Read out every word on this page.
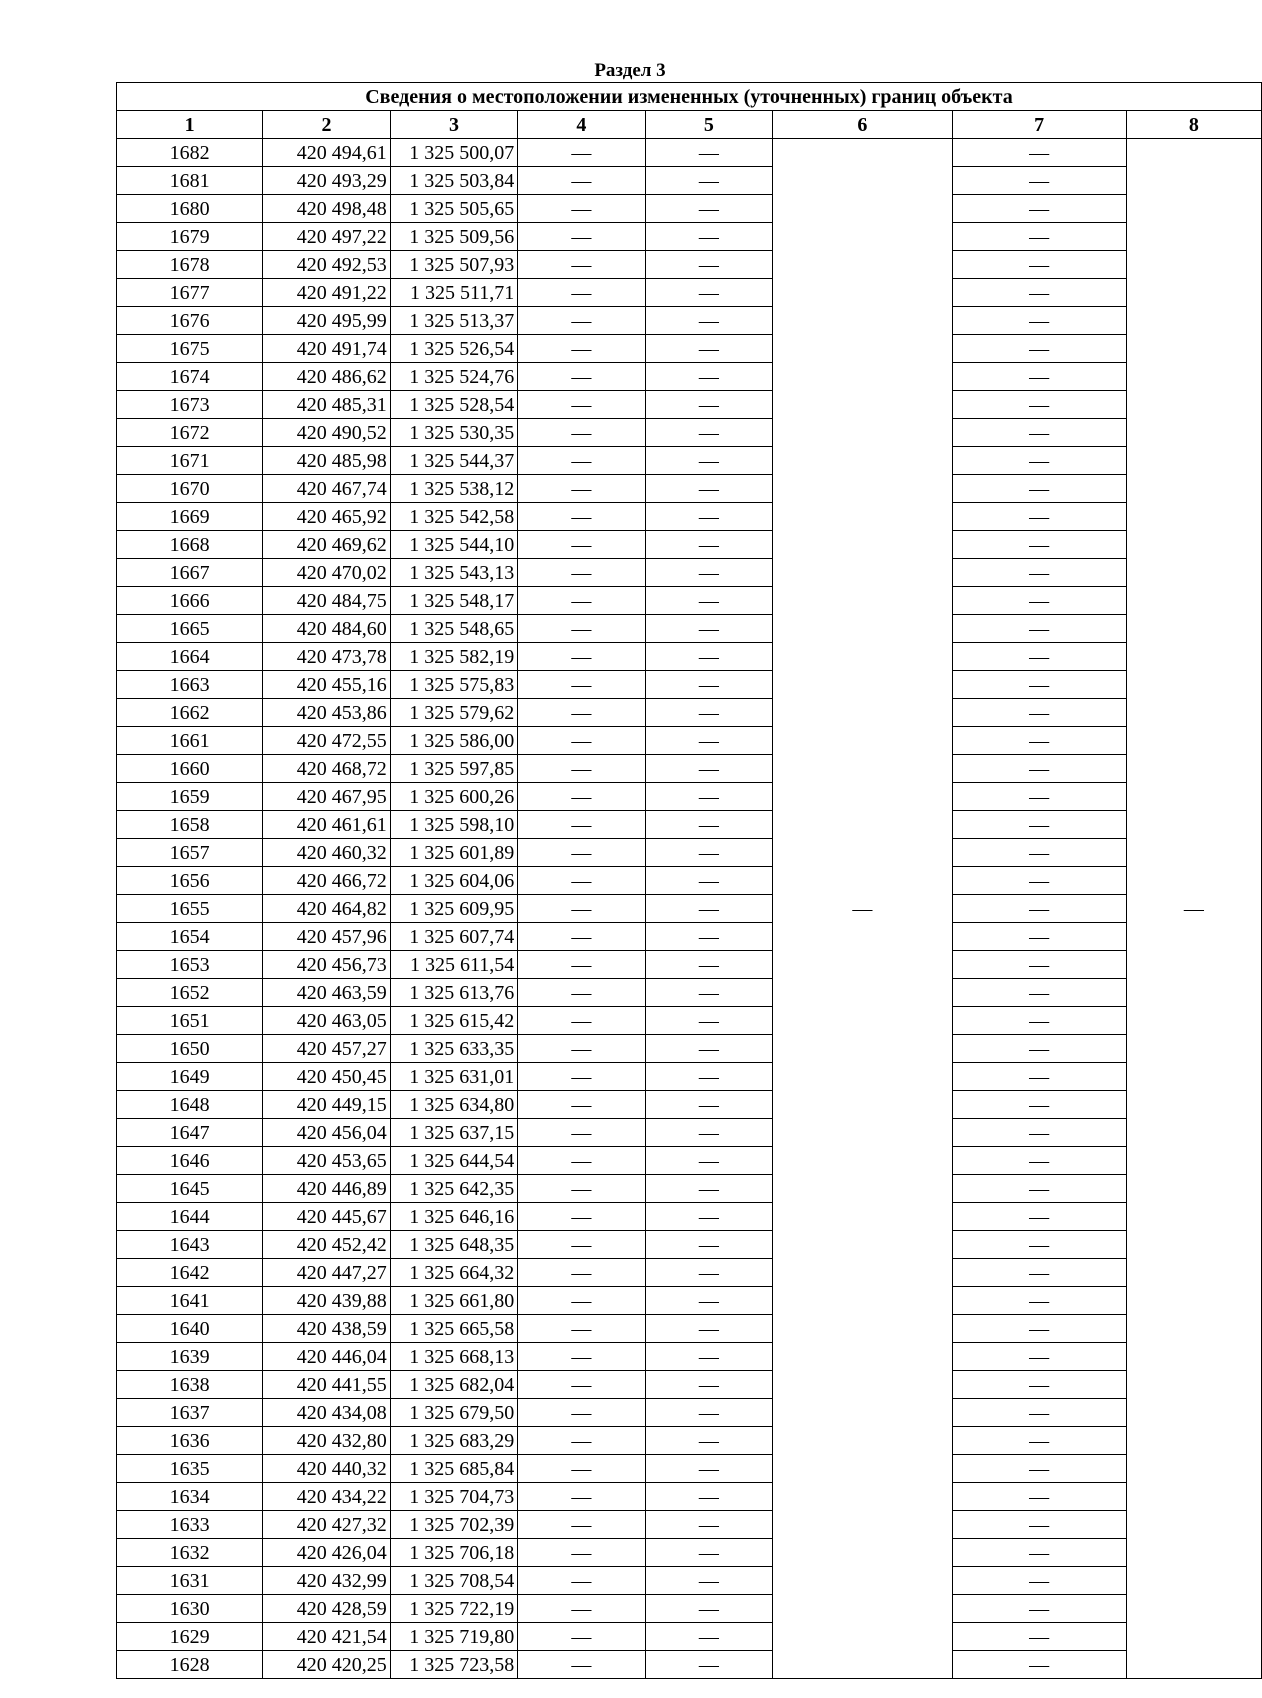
Раздел 3
Сведения о местоположении измененных (уточненных) границ объекта							
1	2	3	4	5	6	7	8
1682	420 494,61	1 325 500,07	—	—	—	—	—
1681	420 493,29	1 325 503,84	—	—		—	
1680	420 498,48	1 325 505,65	—	—		—	
1679	420 497,22	1 325 509,56	—	—		—	
1678	420 492,53	1 325 507,93	—	—		—	
1677	420 491,22	1 325 511,71	—	—		—	
1676	420 495,99	1 325 513,37	—	—		—	
1675	420 491,74	1 325 526,54	—	—		—	
1674	420 486,62	1 325 524,76	—	—		—	
1673	420 485,31	1 325 528,54	—	—		—	
1672	420 490,52	1 325 530,35	—	—		—	
1671	420 485,98	1 325 544,37	—	—		—	
1670	420 467,74	1 325 538,12	—	—		—	
1669	420 465,92	1 325 542,58	—	—		—	
1668	420 469,62	1 325 544,10	—	—		—	
1667	420 470,02	1 325 543,13	—	—		—	
1666	420 484,75	1 325 548,17	—	—		—	
1665	420 484,60	1 325 548,65	—	—		—	
1664	420 473,78	1 325 582,19	—	—		—	
1663	420 455,16	1 325 575,83	—	—		—	
1662	420 453,86	1 325 579,62	—	—		—	
1661	420 472,55	1 325 586,00	—	—		—	
1660	420 468,72	1 325 597,85	—	—		—	
1659	420 467,95	1 325 600,26	—	—		—	
1658	420 461,61	1 325 598,10	—	—		—	
1657	420 460,32	1 325 601,89	—	—		—	
1656	420 466,72	1 325 604,06	—	—		—	
1655	420 464,82	1 325 609,95	—	—		—	
1654	420 457,96	1 325 607,74	—	—		—	
1653	420 456,73	1 325 611,54	—	—		—	
1652	420 463,59	1 325 613,76	—	—		—	
1651	420 463,05	1 325 615,42	—	—		—	
1650	420 457,27	1 325 633,35	—	—		—	
1649	420 450,45	1 325 631,01	—	—		—	
1648	420 449,15	1 325 634,80	—	—		—	
1647	420 456,04	1 325 637,15	—	—		—	
1646	420 453,65	1 325 644,54	—	—		—	
1645	420 446,89	1 325 642,35	—	—		—	
1644	420 445,67	1 325 646,16	—	—		—	
1643	420 452,42	1 325 648,35	—	—		—	
1642	420 447,27	1 325 664,32	—	—		—	
1641	420 439,88	1 325 661,80	—	—		—	
1640	420 438,59	1 325 665,58	—	—		—	
1639	420 446,04	1 325 668,13	—	—		—	
1638	420 441,55	1 325 682,04	—	—		—	
1637	420 434,08	1 325 679,50	—	—		—	
1636	420 432,80	1 325 683,29	—	—		—	
1635	420 440,32	1 325 685,84	—	—		—	
1634	420 434,22	1 325 704,73	—	—		—	
1633	420 427,32	1 325 702,39	—	—		—	
1632	420 426,04	1 325 706,18	—	—		—	
1631	420 432,99	1 325 708,54	—	—		—	
1630	420 428,59	1 325 722,19	—	—		—	
1629	420 421,54	1 325 719,80	—	—		—	
1628	420 420,25	1 325 723,58	—	—		—	
